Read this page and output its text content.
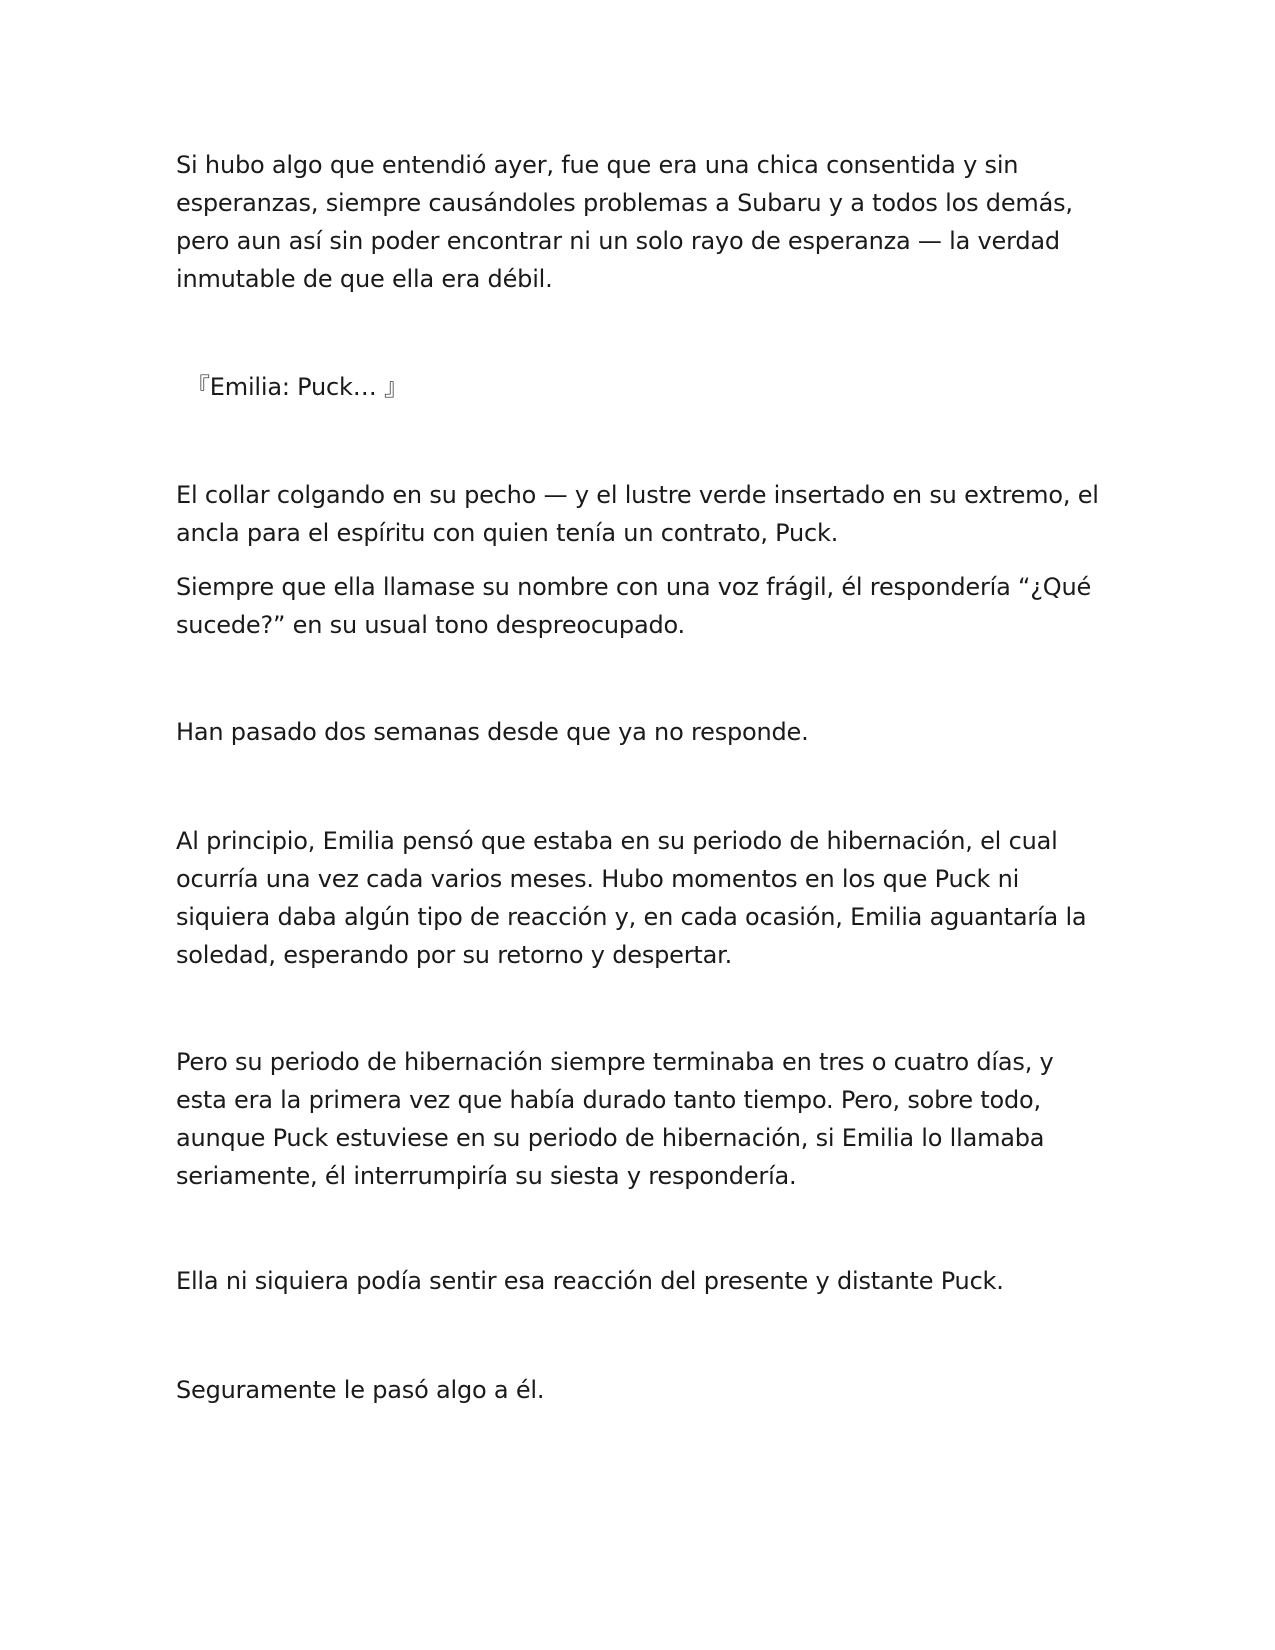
Si hubo algo que entendió ayer, fue que era una chica consentida y sin
esperanzas, siempre causándoles problemas a Subaru y a todos los demás,
pero aun así sin poder encontrar ni un solo rayo de esperanza — la verdad
inmutable de que ella era débil.

『Emilia: Puck… 』

El collar colgando en su pecho — y el lustre verde insertado en su extremo, el
ancla para el espíritu con quien tenía un contrato, Puck.

Siempre que ella llamase su nombre con una voz frágil, él respondería “¿Qué
sucede?” en su usual tono despreocupado.

Han pasado dos semanas desde que ya no responde.

Al principio, Emilia pensó que estaba en su periodo de hibernación, el cual
ocurría una vez cada varios meses. Hubo momentos en los que Puck ni
siquiera daba algún tipo de reacción y, en cada ocasión, Emilia aguantaría la
soledad, esperando por su retorno y despertar.

Pero su periodo de hibernación siempre terminaba en tres o cuatro días, y
esta era la primera vez que había durado tanto tiempo. Pero, sobre todo,
aunque Puck estuviese en su periodo de hibernación, si Emilia lo llamaba
seriamente, él interrumpiría su siesta y respondería.

Ella ni siquiera podía sentir esa reacción del presente y distante Puck.

Seguramente le pasó algo a él.
